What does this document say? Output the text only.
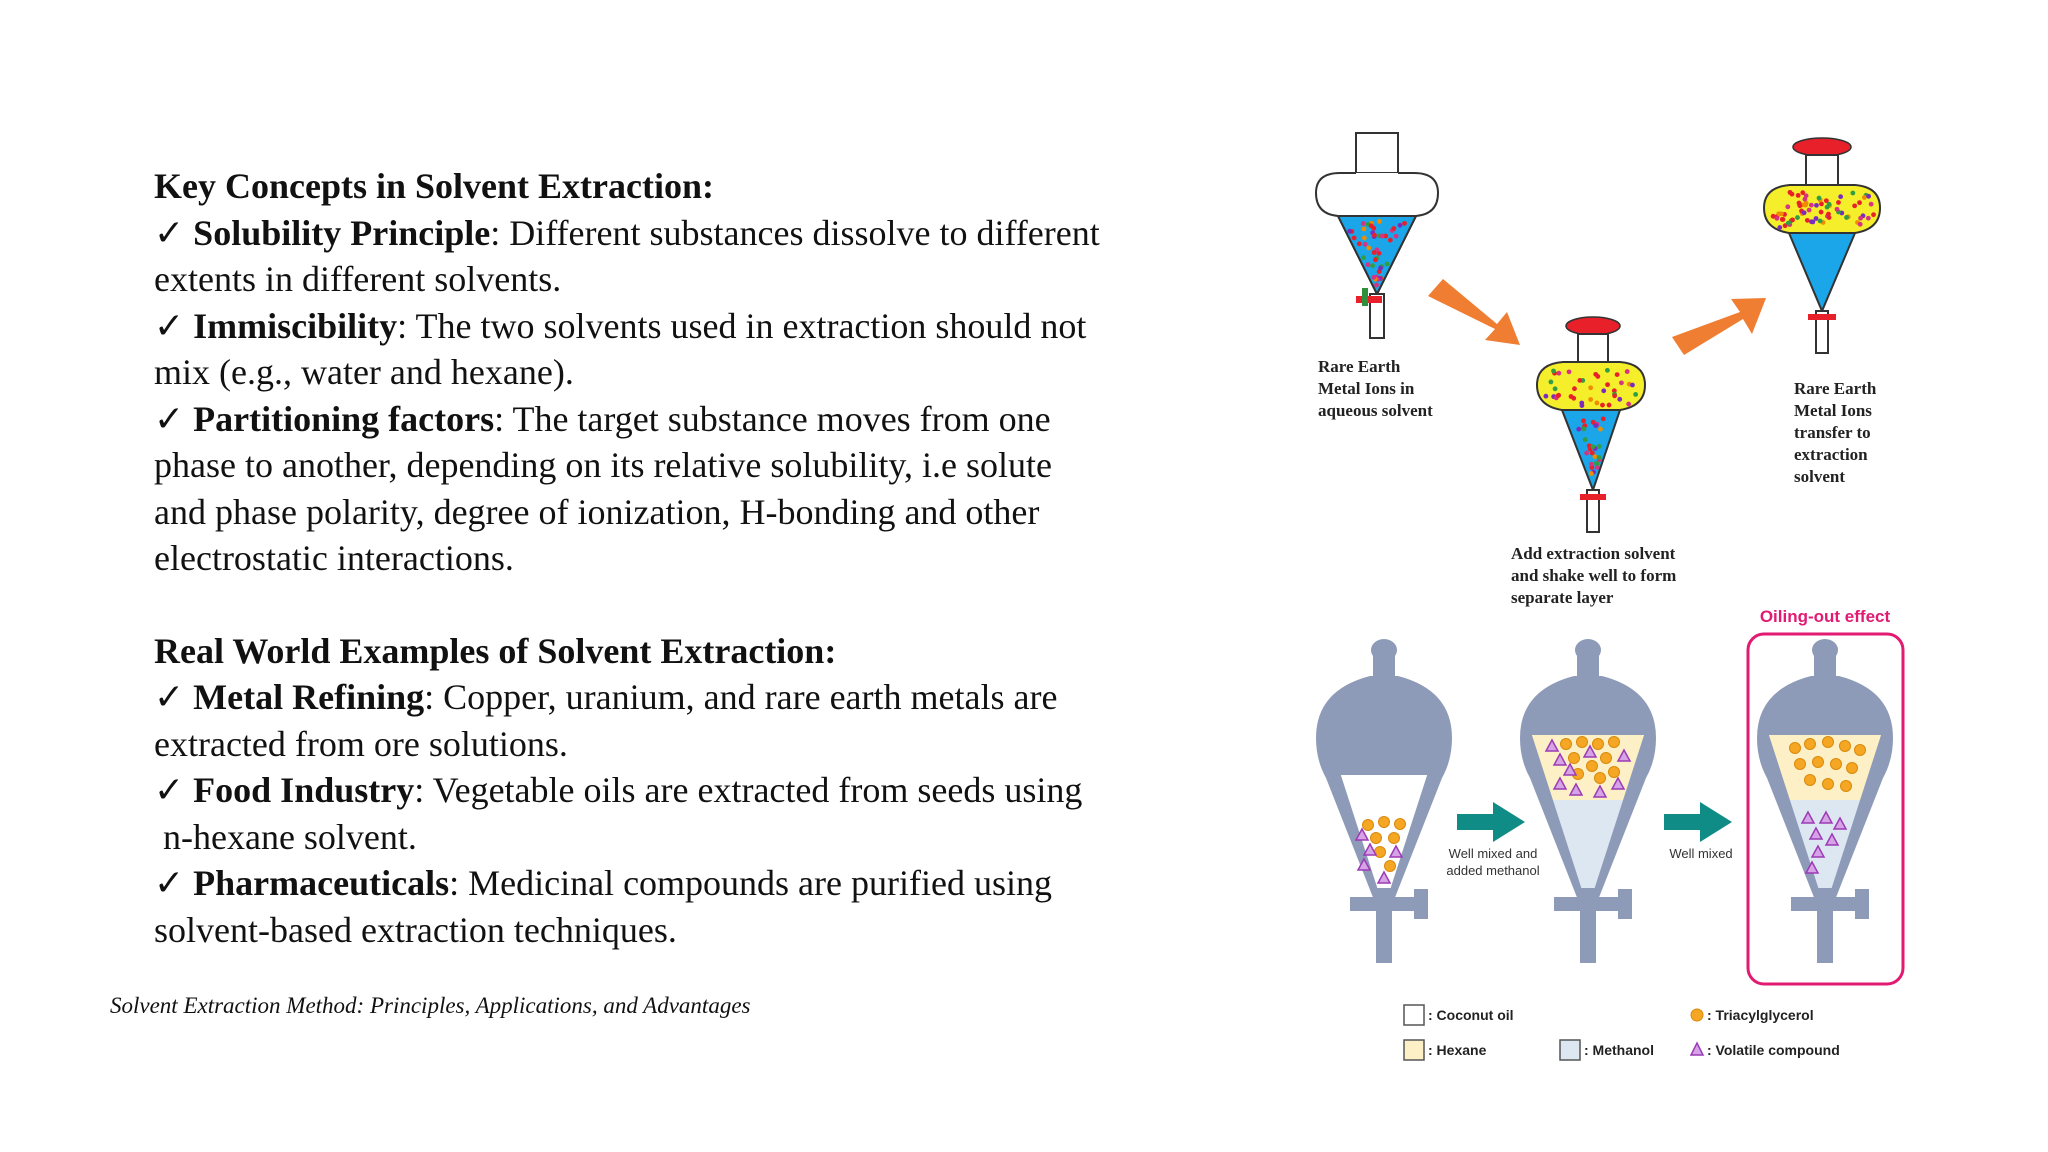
Key Concepts in Solvent Extraction:
✓ Solubility Principle: Different substances dissolve to different
extents in different solvents.
✓ Immiscibility: The two solvents used in extraction should not
mix (e.g., water and hexane).
✓ Partitioning factors: The target substance moves from one
phase to another, depending on its relative solubility, i.e solute
and phase polarity, degree of ionization, H-bonding and other
electrostatic interactions.
Real World Examples of Solvent Extraction:
✓ Metal Refining: Copper, uranium, and rare earth metals are
extracted from ore solutions.
✓ Food Industry: Vegetable oils are extracted from seeds using
n-hexane solvent.
✓ Pharmaceuticals: Medicinal compounds are purified using
solvent-based extraction techniques.
Solvent Extraction Method: Principles, Applications, and Advantages
Rare Earth
Metal Ions in
aqueous solvent
Add extraction solvent
and shake well to form
separate layer
Rare Earth
Metal Ions
transfer to
extraction
solvent
Oiling-out effect
Well mixed and
added methanol
Well mixed
: Coconut oil
: Hexane	: Methanol
: Triacylglycerol
: Volatile compound
